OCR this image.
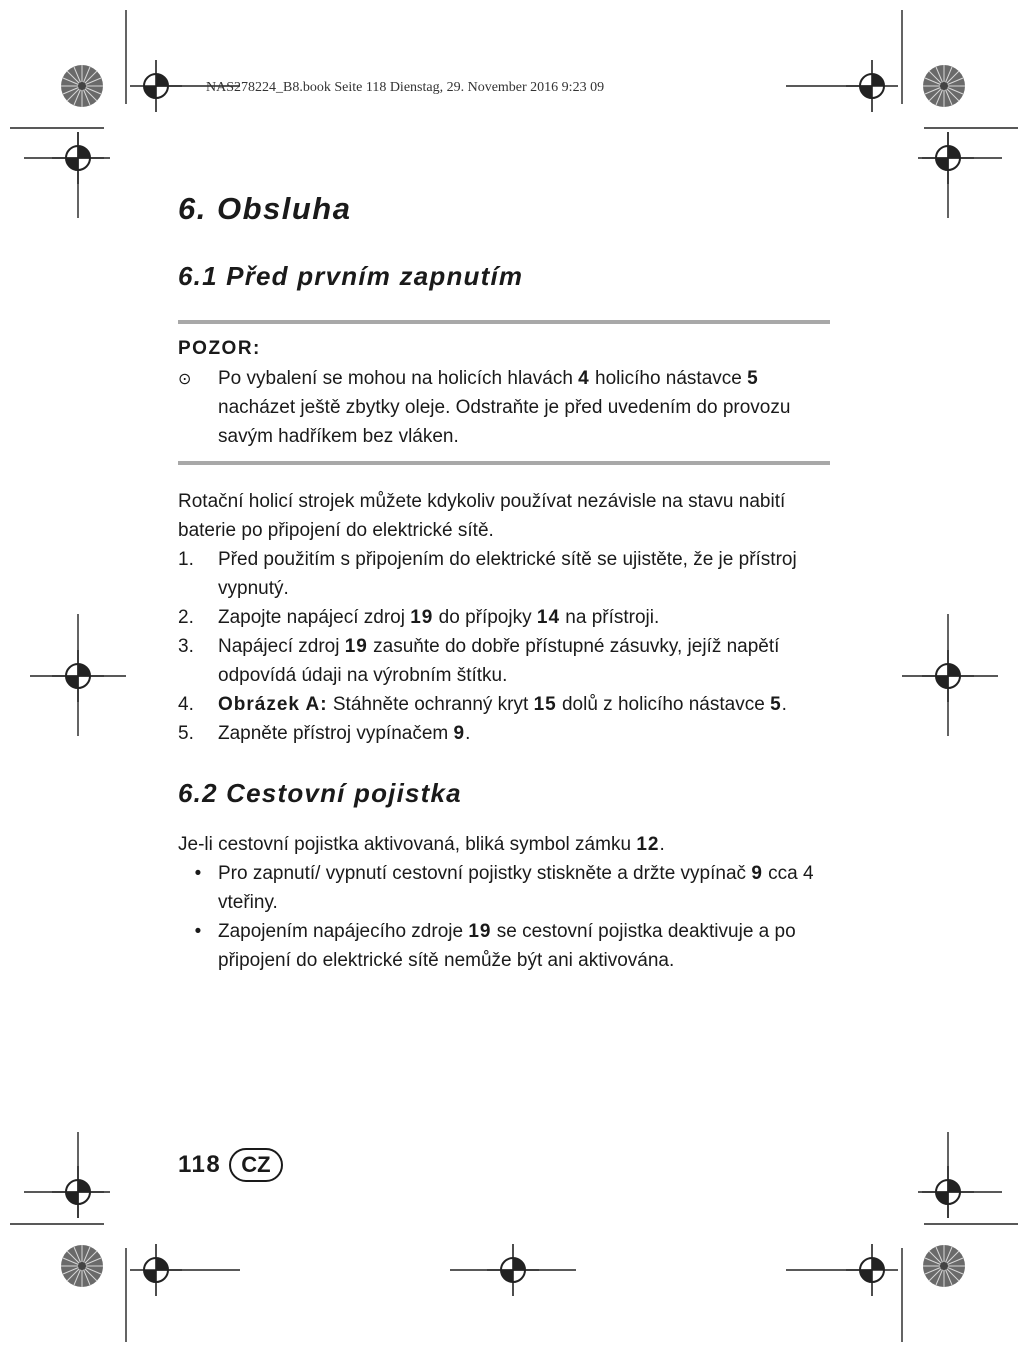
NAS278224_B8.book Seite 118 Dienstag, 29. November 2016 9:23 09
6. Obsluha
6.1 Před prvním zapnutím
POZOR:
⊙	Po vybalení se mohou na holicích hlavách 4 holicího nástavce 5 nacházet ještě zbytky oleje. Odstraňte je před uvedením do provozu savým hadříkem bez vláken.

Rotační holicí strojek můžete kdykoliv používat nezávisle na stavu nabití baterie po připojení do elektrické sítě.

1.	Před použitím s připojením do elektrické sítě se ujistěte, že je přístroj vypnutý.
2.	Zapojte napájecí zdroj 19 do přípojky 14 na přístroji.
3.	Napájecí zdroj 19 zasuňte do dobře přístupné zásuvky, jejíž napětí odpovídá údaji na výrobním štítku.
4.	Obrázek A: Stáhněte ochranný kryt 15 dolů z holicího nástavce 5.
5.	Zapněte přístroj vypínačem 9.
6.2 Cestovní pojistka

Je-li cestovní pojistka aktivovaná, bliká symbol zámku 12.

• Pro zapnutí/ vypnutí cestovní pojistky stiskněte a držte vypínač 9 cca 4 vteřiny.
• Zapojením napájecího zdroje 19 se cestovní pojistka deaktivuje a po připojení do elektrické sítě nemůže být ani aktivována.
118 CZ
